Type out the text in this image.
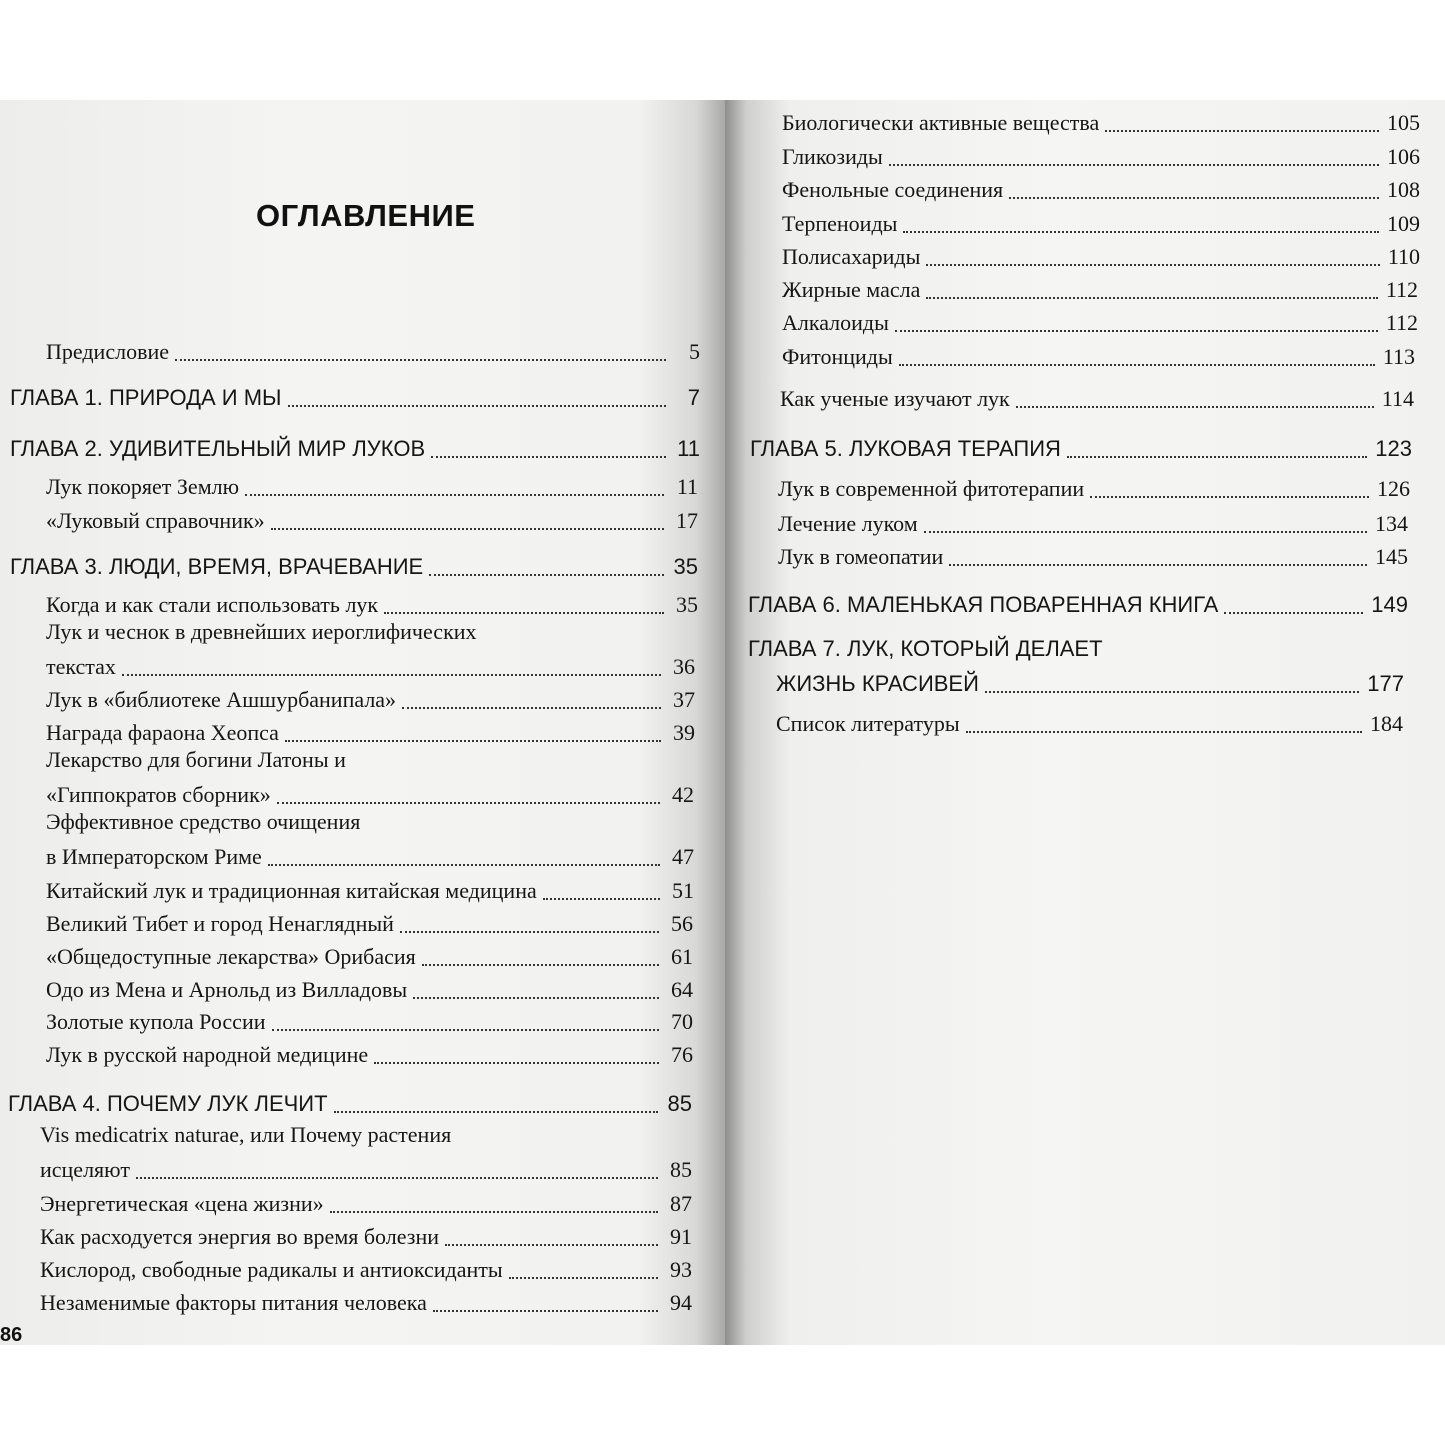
ОГЛАВЛЕНИЕ
Предисловие	5
ГЛАВА 1. ПРИРОДА И МЫ	7
ГЛАВА 2. УДИВИТЕЛЬНЫЙ МИР ЛУКОВ	11
Лук покоряет Землю	11
«Луковый справочник»	17
ГЛАВА 3. ЛЮДИ, ВРЕМЯ, ВРАЧЕВАНИЕ	35
Когда и как стали использовать лук	35
Лук и чеснок в древнейших иероглифических
текстах	36
Лук в «библиотеке Ашшурбанипала»	37
Награда фараона Хеопса	39
Лекарство для богини Латоны и
«Гиппократов сборник»	42
Эффективное средство очищения
в Императорском Риме	47
Китайский лук и традиционная китайская медицина	51
Великий Тибет и город Ненаглядный	56
«Общедоступные лекарства» Орибасия	61
Одо из Мена и Арнольд из Вилладовы	64
Золотые купола России	70
Лук в русской народной медицине	76
ГЛАВА 4. ПОЧЕМУ ЛУК ЛЕЧИТ	85
Vis medicatrix naturae, или Почему растения
исцеляют	85
Энергетическая «цена жизни»	87
Как расходуется энергия во время болезни	91
Кислород, свободные радикалы и антиоксиданты	93
Незаменимые факторы питания человека	94
Биологически активные вещества	105
Гликозиды	106
Фенольные соединения	108
Терпеноиды	109
Полисахариды	110
Жирные масла	112
Алкалоиды	112
Фитонциды	113
Как ученые изучают лук	114
ГЛАВА 5. ЛУКОВАЯ ТЕРАПИЯ	123
Лук в современной фитотерапии	126
Лечение луком	134
Лук в гомеопатии	145
ГЛАВА 6. МАЛЕНЬКАЯ ПОВАРЕННАЯ КНИГА	149
ГЛАВА 7. ЛУК, КОТОРЫЙ ДЕЛАЕТ
ЖИЗНЬ КРАСИВЕЙ	177
Список литературы	184
86
